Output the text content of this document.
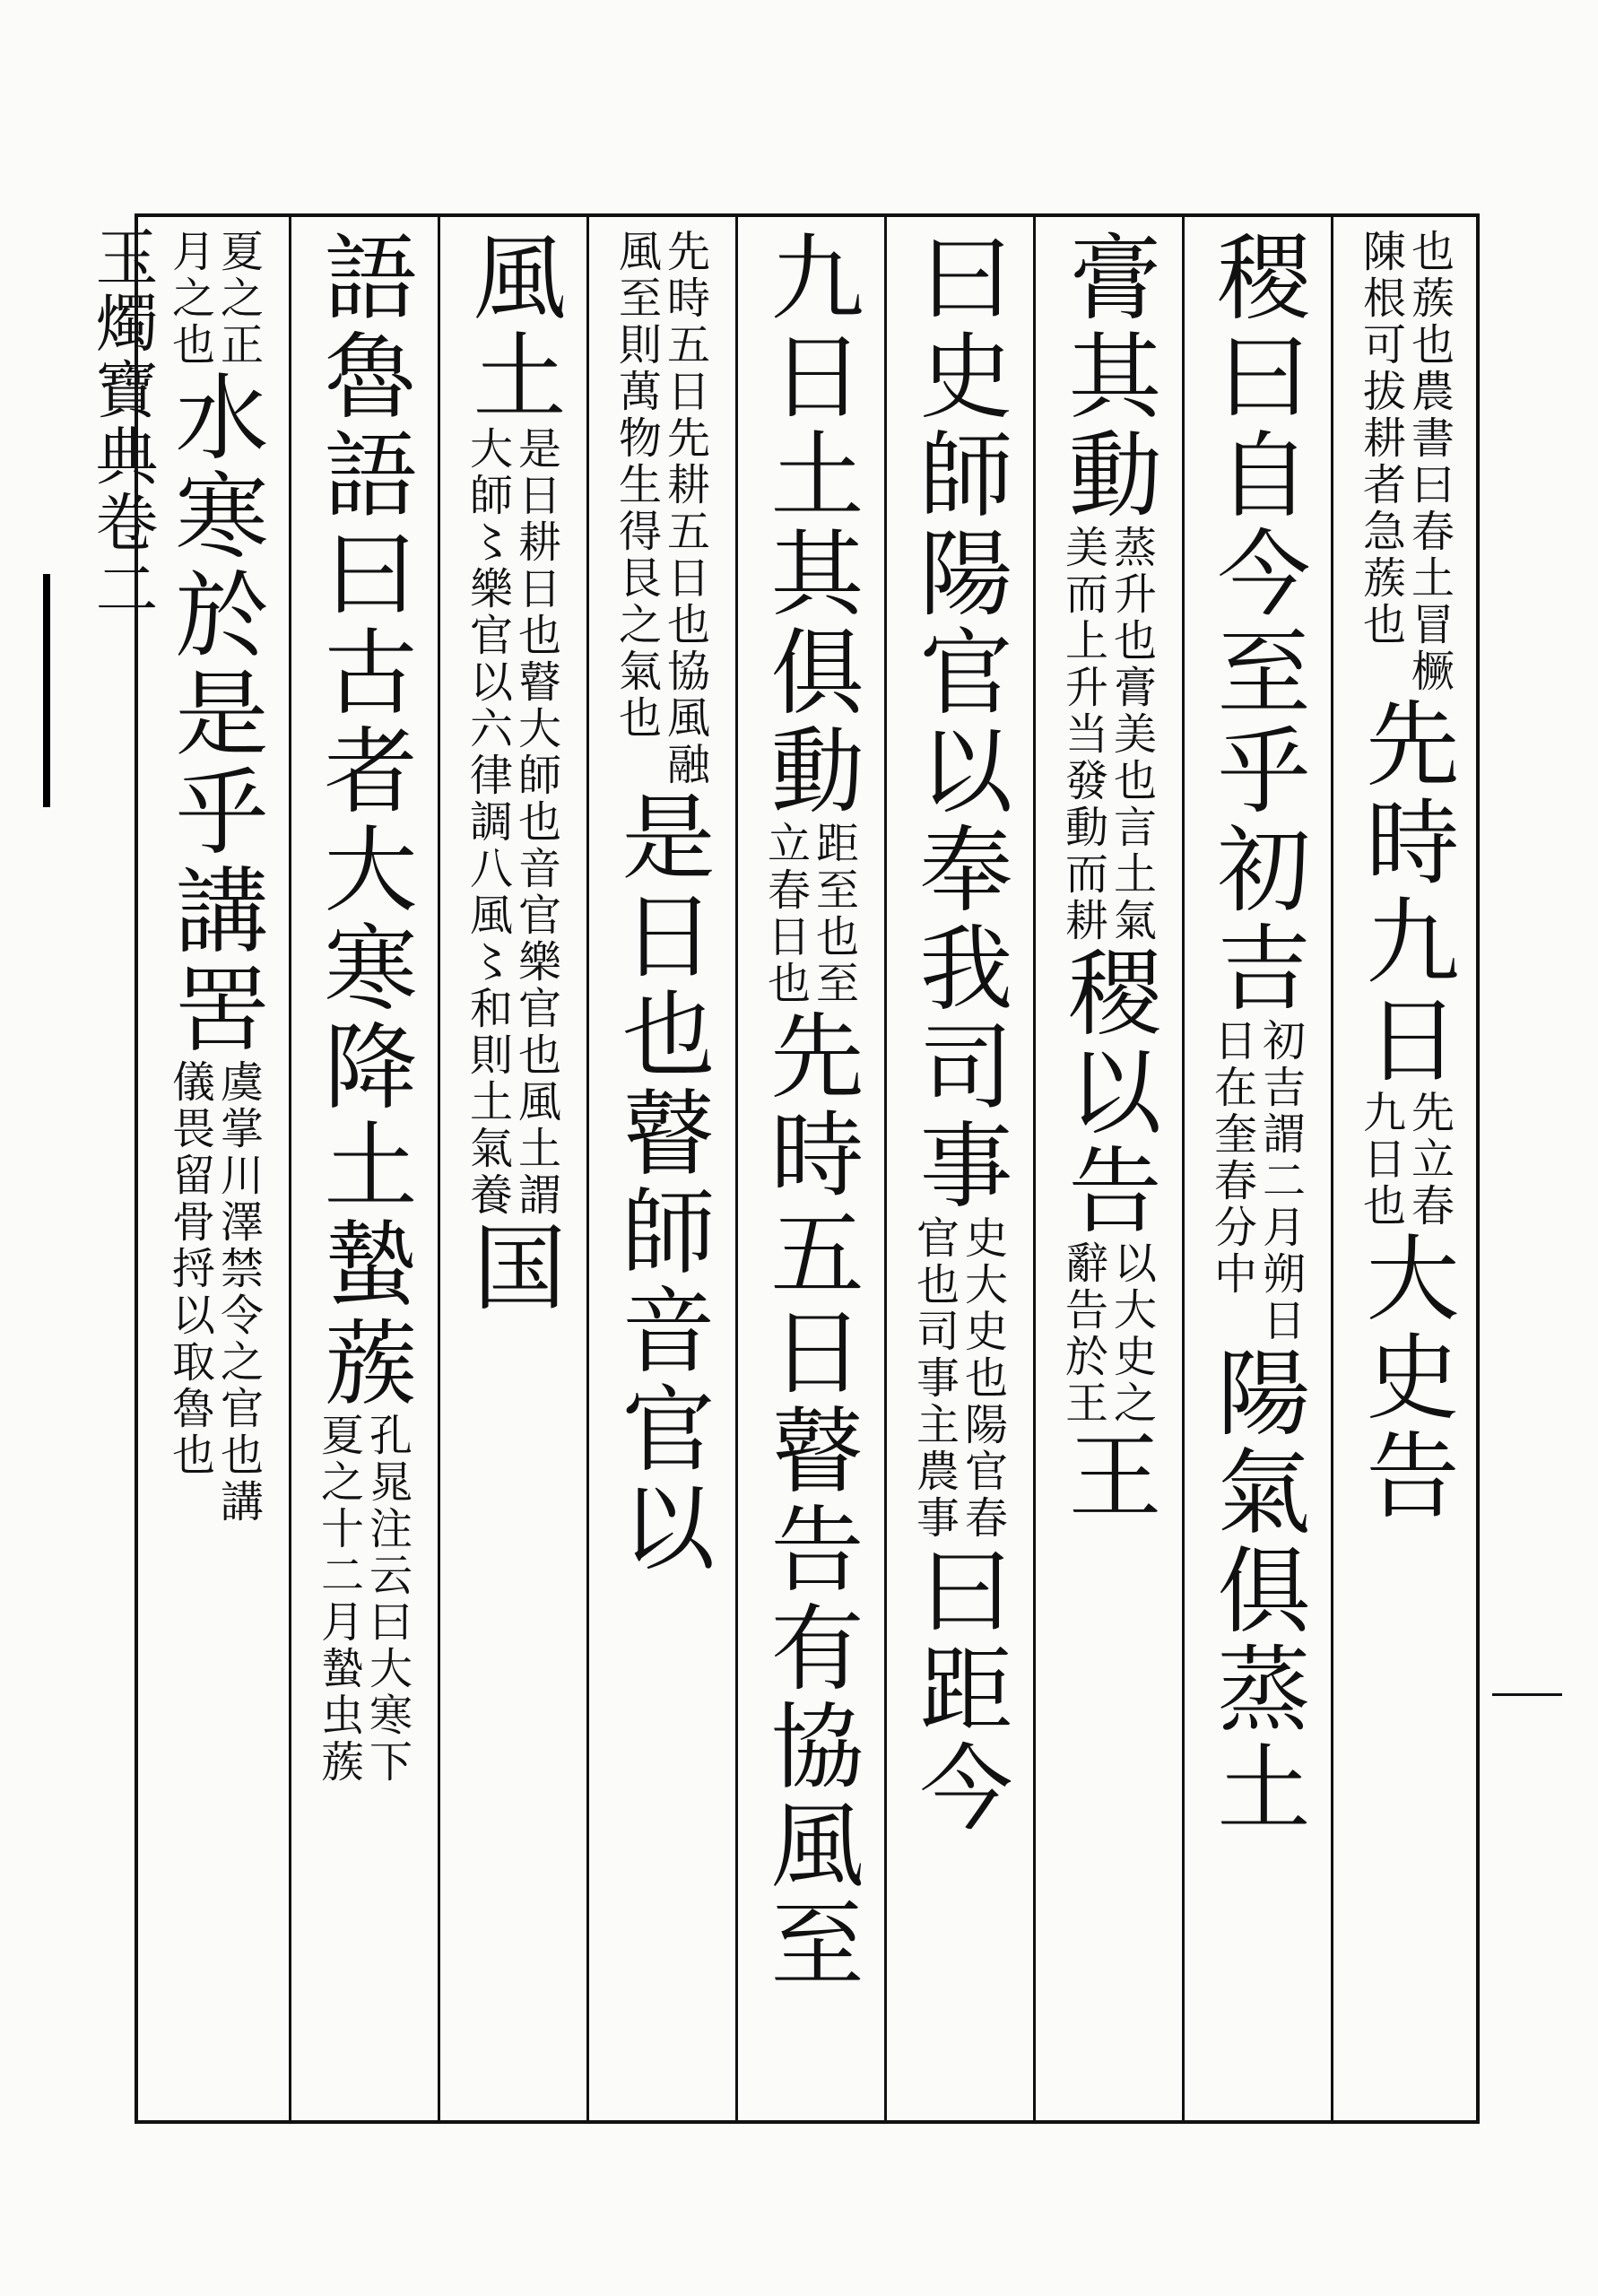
玉燭寶典卷二	也蔟也農書曰春土冒橛
陳根可拔耕者急蔟也
先時九日
先立春
九日也
大史告
稷曰自今至乎初吉
初吉謂二月朔日
日在奎春分中
陽氣俱蒸土
膏其動
蒸升也膏美也言土氣
美而上升当發動而耕
稷以告
以大史之
辭告於王
王
曰史師陽官以奉我司事
史大史也陽官春
官也司事主農事
曰距今
九日土其俱動
距至也至
立春日也
先時五日瞽告有協風至
先時五日先耕五日也協風融
風至則萬物生得艮之氣也
是日也瞽師音官以
風土
是日耕日也瞽大師也音官樂官也風土謂
大師〻樂官以六律調八風〻和則土氣養
国
語魯語曰古者大寒降土蟄蔟
孔晁注云曰大寒下
夏之十二月蟄虫蔟
夏之正
月之也
水寒於是乎講罟
虞掌川澤禁令之官也講
儀畏留骨捋以取魯也
